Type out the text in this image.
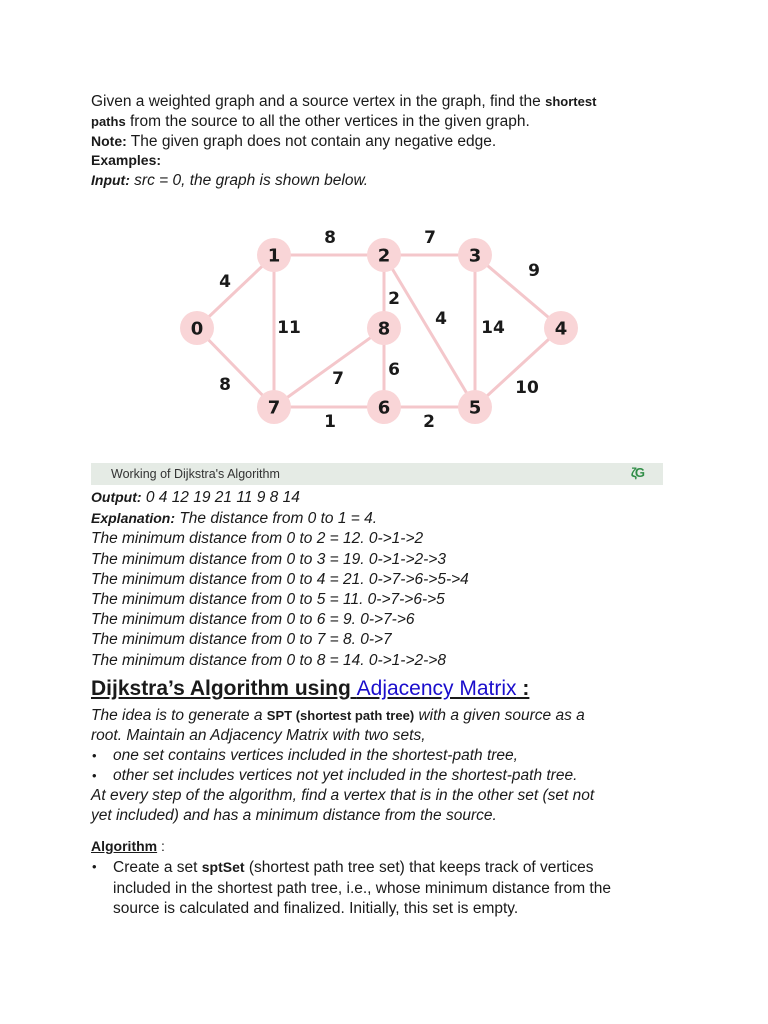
Given a weighted graph and a source vertex in the graph, find the shortest

paths from the source to all the other vertices in the given graph.

Note: The given graph does not contain any negative edge.

Examples:

Input: src = 0, the graph is shown below.

4
8
8
11
7
2
4
9
14
10
2
1
6
7
0
1	2	3
4
5
6
7
8
Working of Dijkstra's Algorithm	ζG

Output: 0 4 12 19 21 11 9 8 14

Explanation: The distance from 0 to 1 = 4.

The minimum distance from 0 to 2 = 12. 0->1->2

The minimum distance from 0 to 3 = 19. 0->1->2->3

The minimum distance from 0 to 4 = 21. 0->7->6->5->4

The minimum distance from 0 to 5 = 11. 0->7->6->5

The minimum distance from 0 to 6 = 9. 0->7->6

The minimum distance from 0 to 7 = 8. 0->7

The minimum distance from 0 to 8 = 14. 0->1->2->8

Dijkstra’s Algorithm using Adjacency Matrix :

The idea is to generate a SPT (shortest path tree) with a given source as a

root. Maintain an Adjacency Matrix with two sets,

• one set contains vertices included in the shortest-path tree,
• other set includes vertices not yet included in the shortest-path tree.

At every step of the algorithm, find a vertex that is in the other set (set not

yet included) and has a minimum distance from the source.

Algorithm :

• Create a set sptSet (shortest path tree set) that keeps track of vertices
included in the shortest path tree, i.e., whose minimum distance from the
source is calculated and finalized. Initially, this set is empty.
